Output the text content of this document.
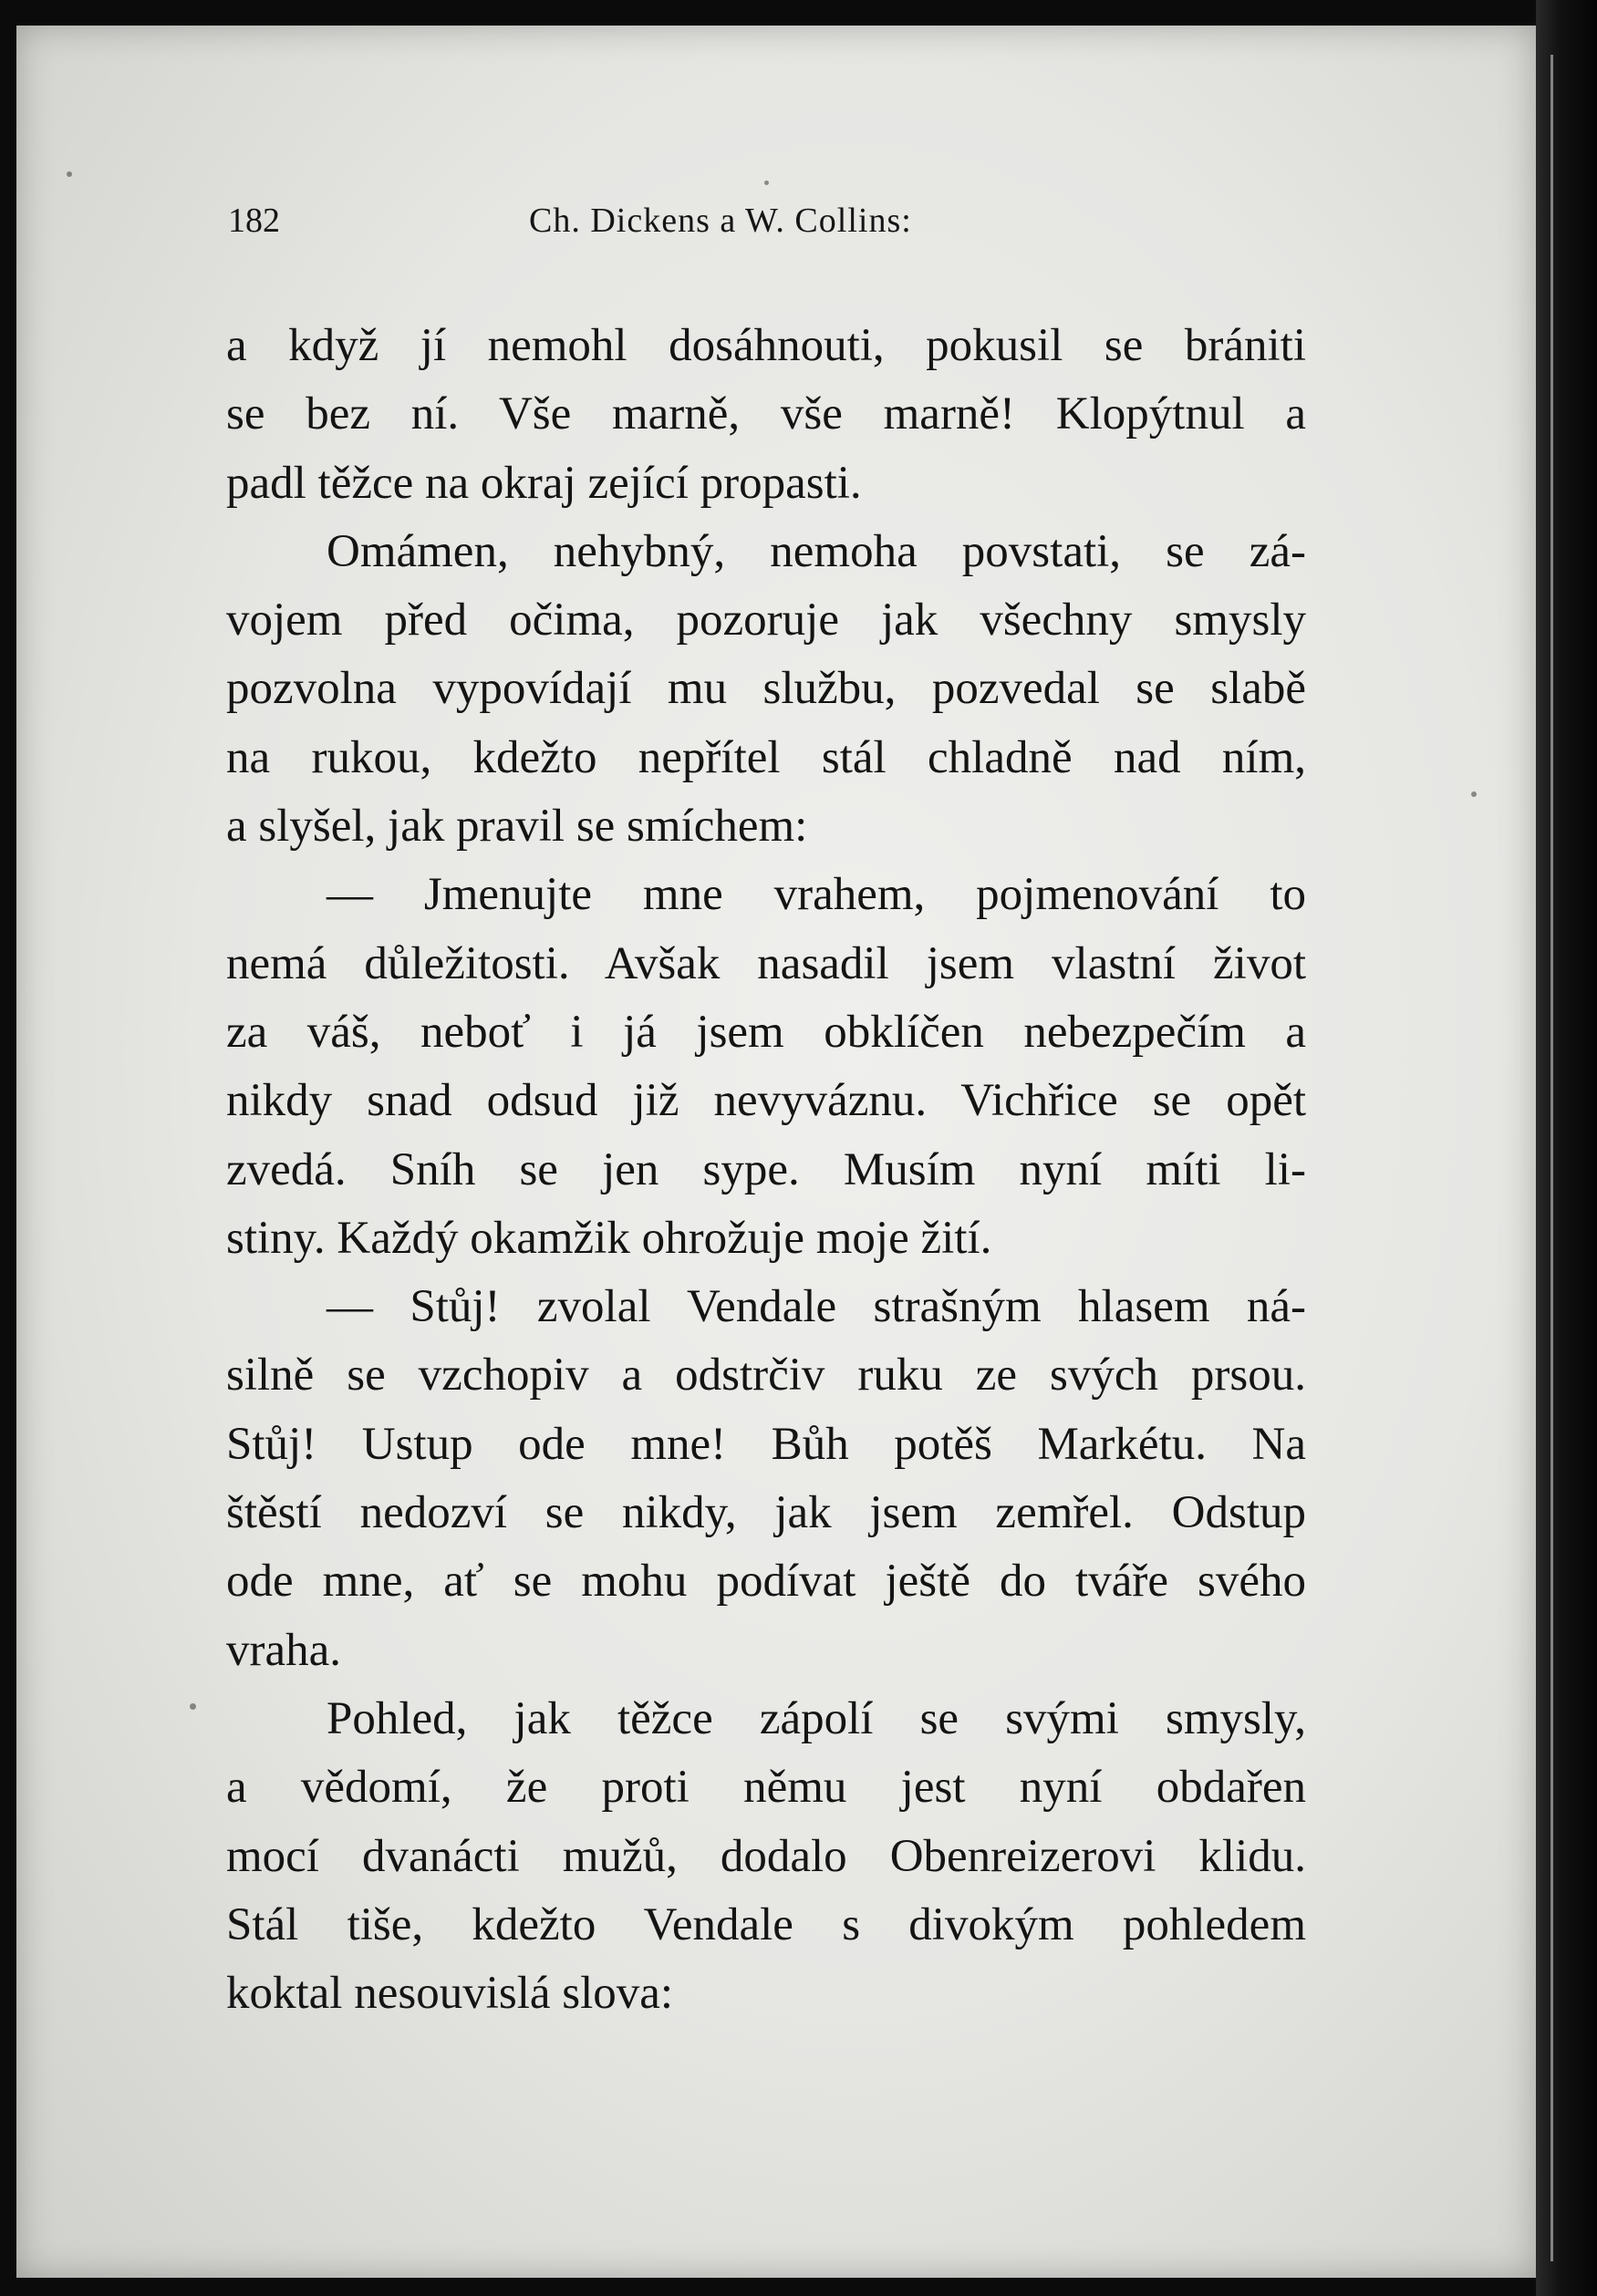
182	Ch. Dickens a W. Collins:
a když jí nemohl dosáhnouti, pokusil se brániti
se bez ní. Vše marně, vše marně! Klopýtnul a
padl těžce na okraj zející propasti.
Omámen, nehybný, nemoha povstati, se zá-
vojem před očima, pozoruje jak všechny smysly
pozvolna vypovídají mu službu, pozvedal se slabě
na rukou, kdežto nepřítel stál chladně nad ním,
a slyšel, jak pravil se smíchem:
— Jmenujte mne vrahem, pojmenování to
nemá důležitosti. Avšak nasadil jsem vlastní život
za váš, neboť i já jsem obklíčen nebezpečím a
nikdy snad odsud již nevyváznu. Vichřice se opět
zvedá. Sníh se jen sype. Musím nyní míti li-
stiny. Každý okamžik ohrožuje moje žití.
— Stůj! zvolal Vendale strašným hlasem ná-
silně se vzchopiv a odstrčiv ruku ze svých prsou.
Stůj! Ustup ode mne! Bůh potěš Markétu. Na
štěstí nedozví se nikdy, jak jsem zemřel. Odstup
ode mne, ať se mohu podívat ještě do tváře svého
vraha.
Pohled, jak těžce zápolí se svými smysly,
a vědomí, že proti němu jest nyní obdařen
mocí dvanácti mužů, dodalo Obenreizerovi klidu.
Stál tiše, kdežto Vendale s divokým pohledem
koktal nesouvislá slova:
